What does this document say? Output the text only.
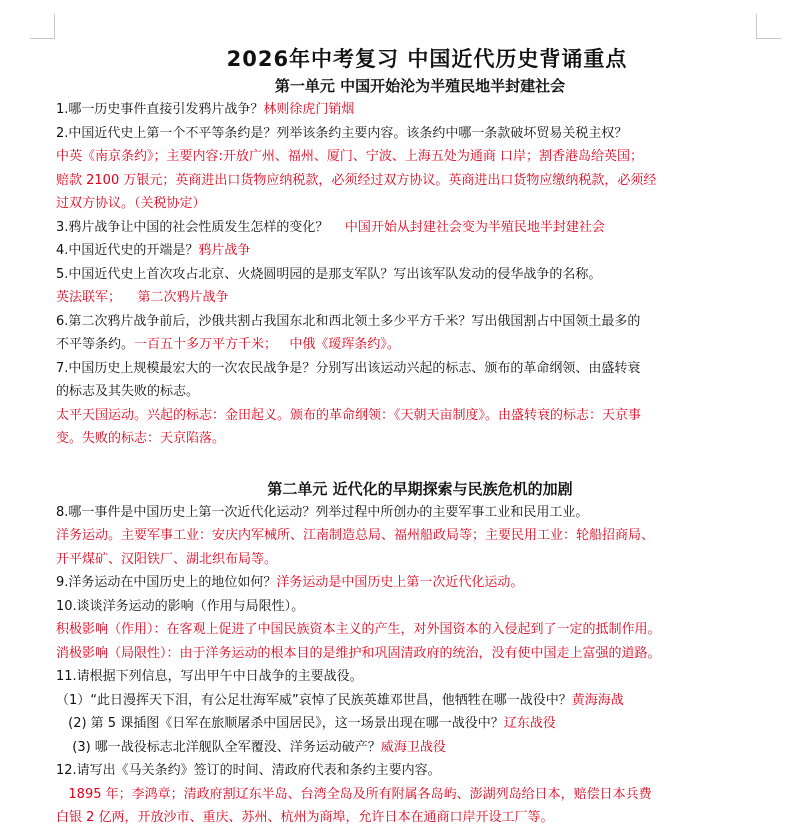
2026年中考复习 中国近代历史背诵重点
第一单元 中国开始沦为半殖民地半封建社会
1.哪一历史事件直接引发鸦片战争？林则徐虎门销烟
2.中国近代史上第一个不平等条约是？列举该条约主要内容。该条约中哪一条款破坏贸易关税主权？
中英《南京条约》；主要内容:开放广州、福州、厦门、宁波、上海五处为通商 口岸；割香港岛给英国；
赔款 2100 万银元；英商进出口货物应纳税款，必须经过双方协议。英商进出口货物应缴纳税款，必须经
过双方协议。（关税协定）
3.鸦片战争让中国的社会性质发生怎样的变化？    中国开始从封建社会变为半殖民地半封建社会
4.中国近代史的开端是？鸦片战争
5.中国近代史上首次攻占北京、火烧圆明园的是那支军队？写出该军队发动的侵华战争的名称。
英法联军；    第二次鸦片战争
6.第二次鸦片战争前后，沙俄共割占我国东北和西北领土多少平方千米？写出俄国割占中国领土最多的
不平等条约。一百五十多万平方千米；   中俄《瑷珲条约》。
7.中国历史上规模最宏大的一次农民战争是？分别写出该运动兴起的标志、颁布的革命纲领、由盛转衰
的标志及其失败的标志。
太平天国运动。兴起的标志：金田起义。颁布的革命纲领：《天朝天亩制度》。由盛转衰的标志：天京事
变。失败的标志：天京陷落。
第二单元 近代化的早期探索与民族危机的加剧
8.哪一事件是中国历史上第一次近代化运动？列举过程中所创办的主要军事工业和民用工业。
洋务运动。主要军事工业：安庆内军械所、江南制造总局、福州船政局等；主要民用工业：轮船招商局、
开平煤矿、汉阳铁厂、湖北织布局等。
9.洋务运动在中国历史上的地位如何？洋务运动是中国历史上第一次近代化运动。
10.谈谈洋务运动的影响（作用与局限性）。
积极影响（作用）：在客观上促进了中国民族资本主义的产生，对外国资本的入侵起到了一定的抵制作用。
消极影响（局限性）：由于洋务运动的根本目的是维护和巩固清政府的统治，没有使中国走上富强的道路。
11.请根据下列信息，写出甲午中日战争的主要战役。
（1）“此日漫挥天下泪，有公足壮海军威”哀悼了民族英雄邓世昌，他牺牲在哪一战役中？黄海海战
(2) 第 5 课插图《日军在旅顺屠杀中国居民》，这一场景出现在哪一战役中？辽东战役
(3) 哪一战役标志北洋舰队全军覆没、洋务运动破产？威海卫战役
12.请写出《马关条约》签订的时间、清政府代表和条约主要内容。
1895 年；李鸿章；清政府割辽东半岛、台湾全岛及所有附属各岛屿、澎湖列岛给日本，赔偿日本兵费
白银 2 亿两，开放沙市、重庆、苏州、杭州为商埠，允许日本在通商口岸开设工厂等。
